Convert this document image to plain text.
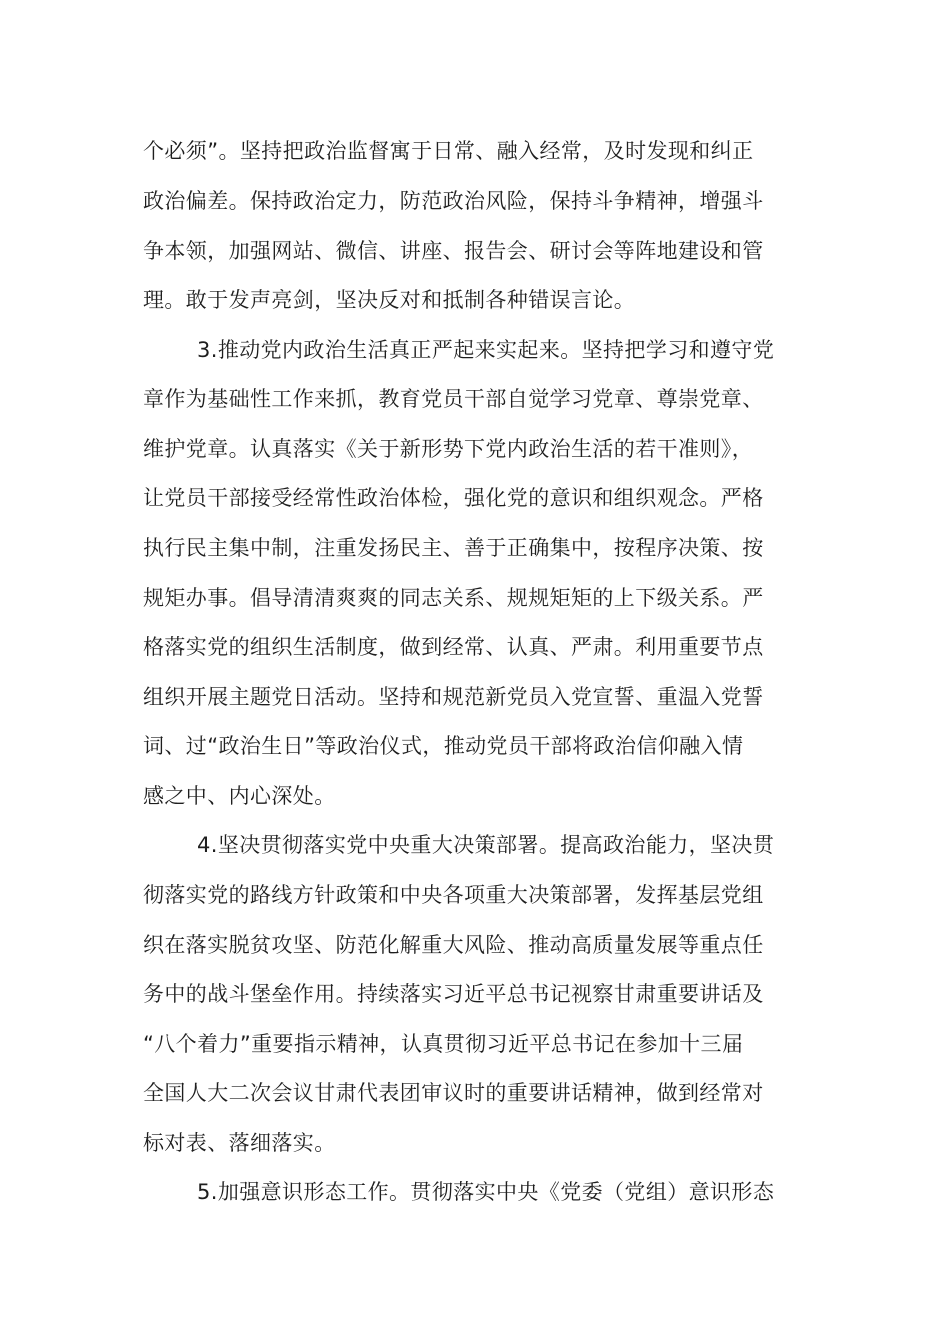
个必须”。坚持把政治监督寓于日常、融入经常，及时发现和纠正
政治偏差。保持政治定力，防范政治风险，保持斗争精神，增强斗
争本领，加强网站、微信、讲座、报告会、研讨会等阵地建设和管
理。敢于发声亮剑，坚决反对和抵制各种错误言论。
3.推动党内政治生活真正严起来实起来。坚持把学习和遵守党
章作为基础性工作来抓，教育党员干部自觉学习党章、尊崇党章、
维护党章。认真落实《关于新形势下党内政治生活的若干准则》，
让党员干部接受经常性政治体检，强化党的意识和组织观念。严格
执行民主集中制，注重发扬民主、善于正确集中，按程序决策、按
规矩办事。倡导清清爽爽的同志关系、规规矩矩的上下级关系。严
格落实党的组织生活制度，做到经常、认真、严肃。利用重要节点
组织开展主题党日活动。坚持和规范新党员入党宣誓、重温入党誓
词、过“政治生日”等政治仪式，推动党员干部将政治信仰融入情
感之中、内心深处。
4.坚决贯彻落实党中央重大决策部署。提高政治能力，坚决贯
彻落实党的路线方针政策和中央各项重大决策部署，发挥基层党组
织在落实脱贫攻坚、防范化解重大风险、推动高质量发展等重点任
务中的战斗堡垒作用。持续落实习近平总书记视察甘肃重要讲话及
“八个着力”重要指示精神，认真贯彻习近平总书记在参加十三届
全国人大二次会议甘肃代表团审议时的重要讲话精神，做到经常对
标对表、落细落实。
5.加强意识形态工作。贯彻落实中央《党委（党组）意识形态
